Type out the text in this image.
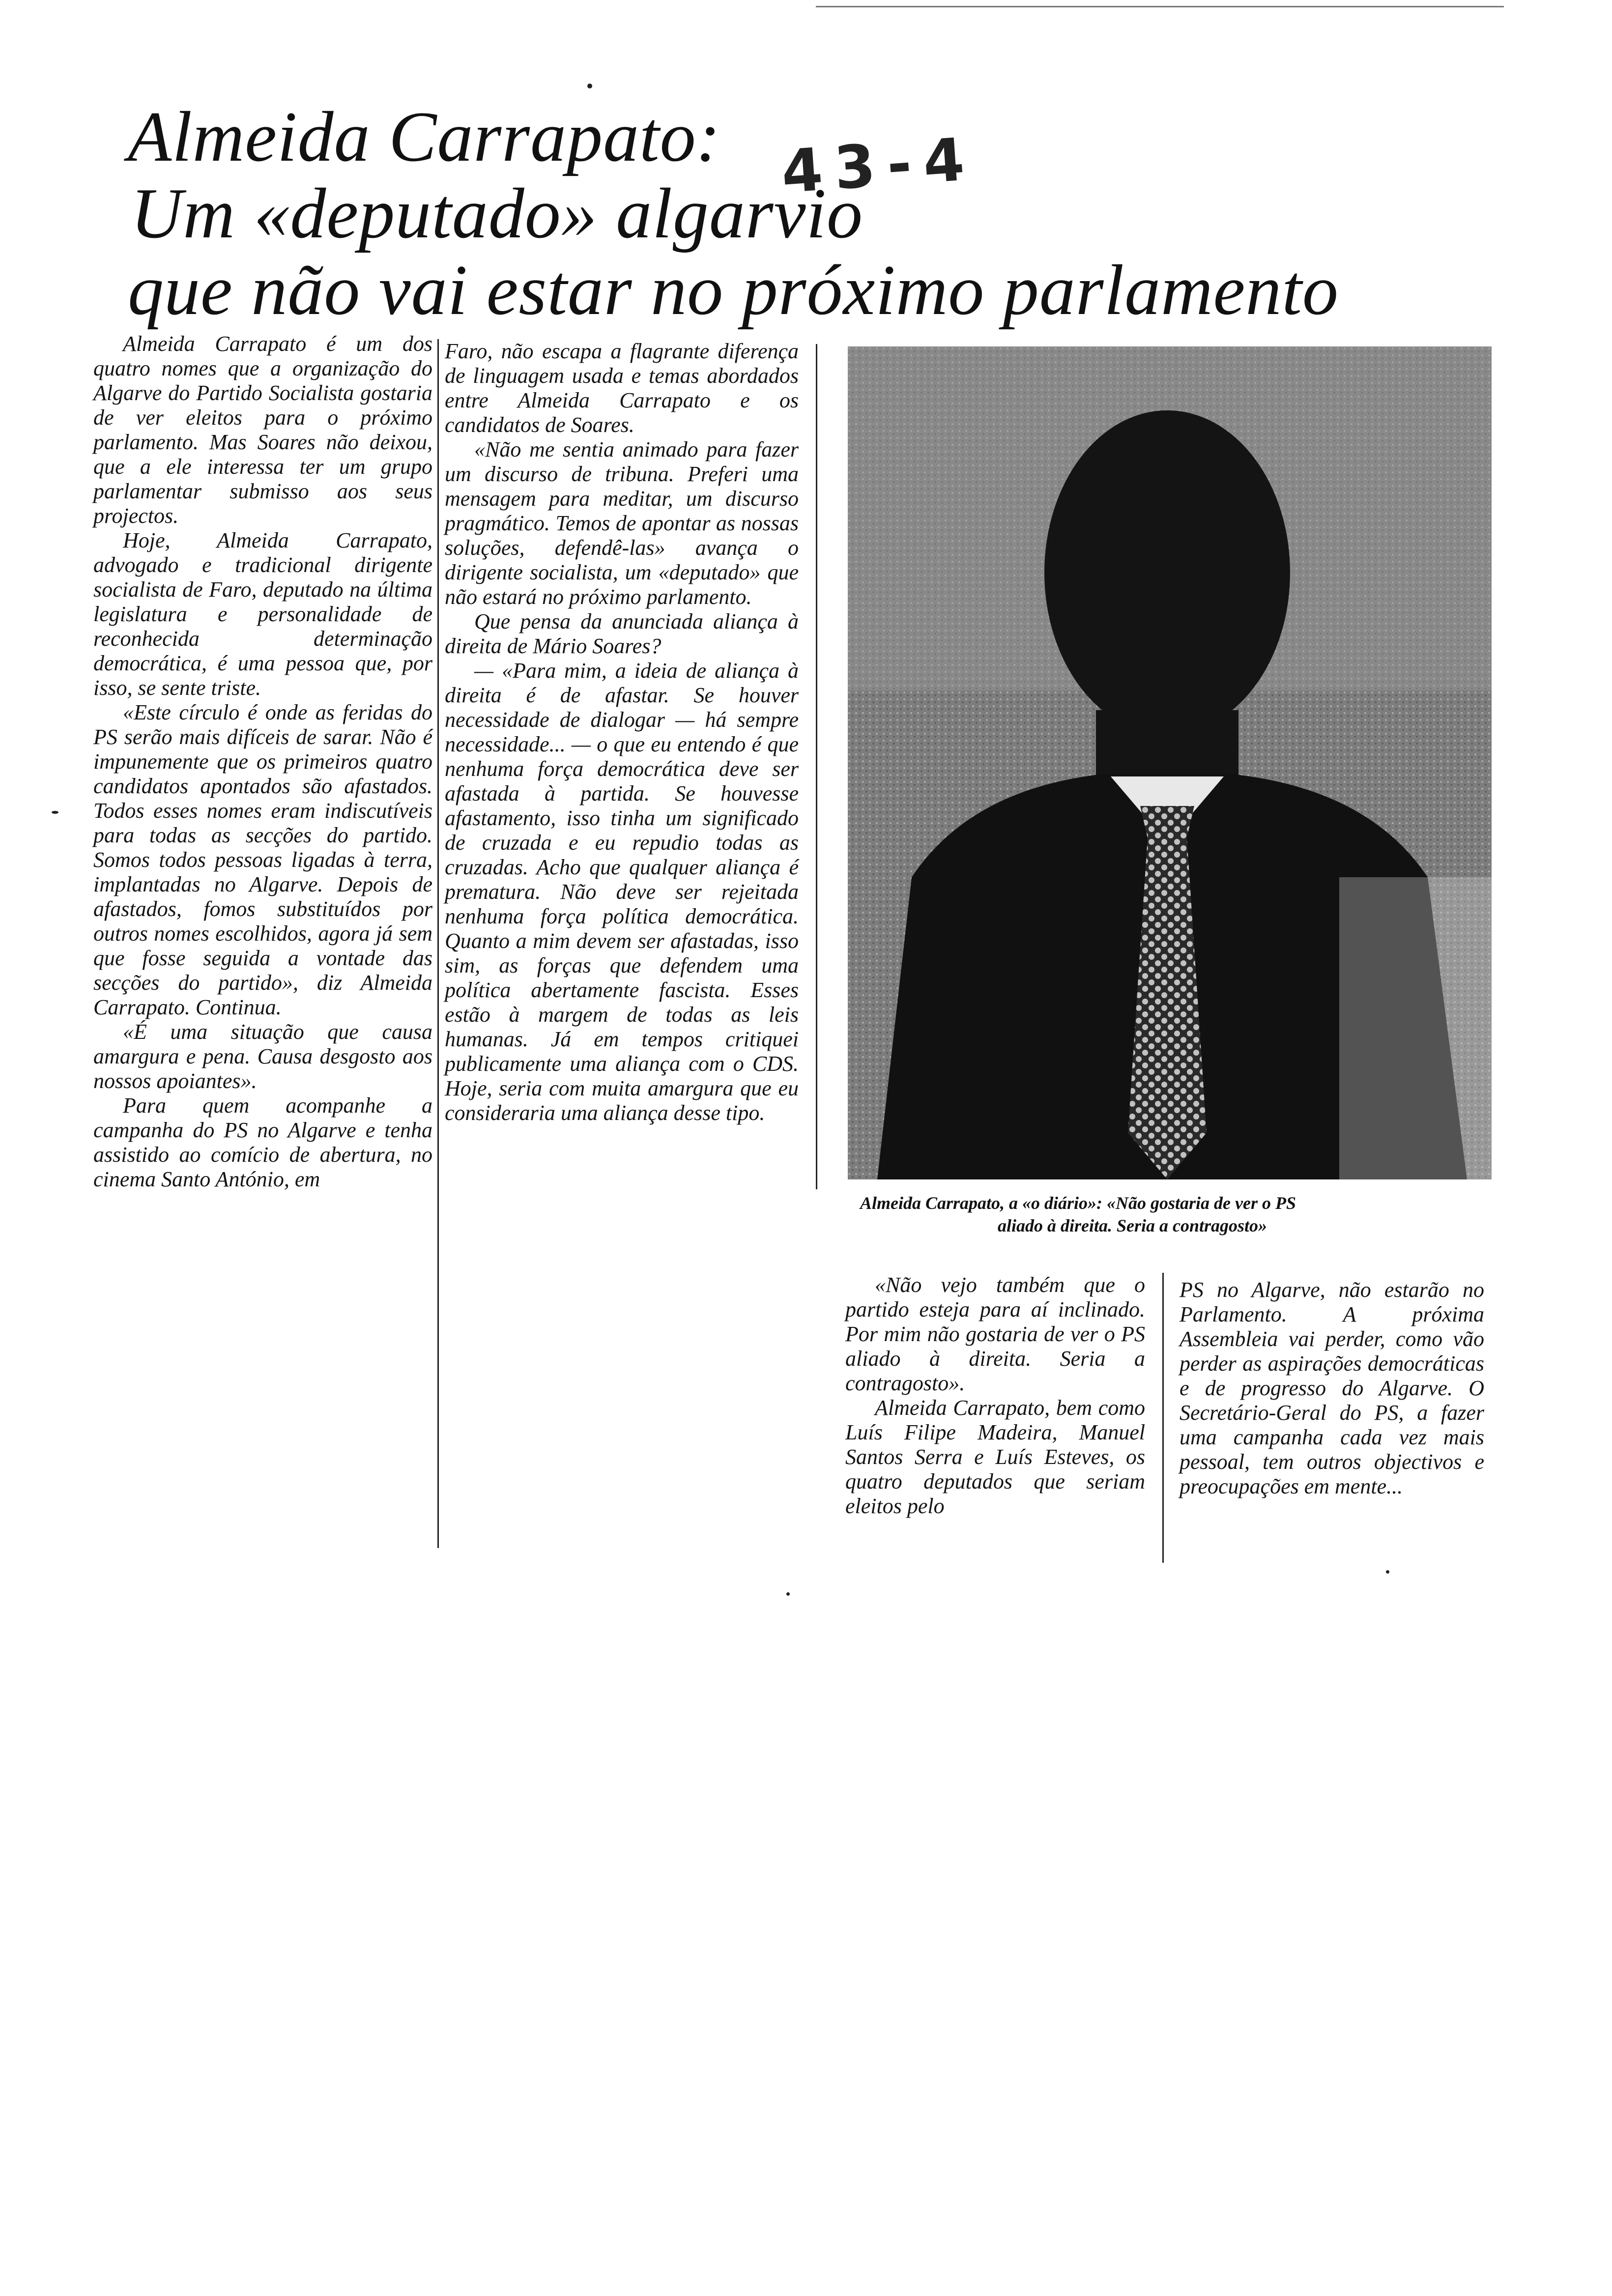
Almeida Carrapato:
Um «deputado» algarvio
que não vai estar no próximo parlamento
43-4

Almeida Carrapato é um dos quatro nomes que a organização do Algarve do Partido Socialista gostaria de ver eleitos para o próximo parlamento. Mas Soares não deixou, que a ele interessa ter um grupo parlamentar submisso aos seus projectos.

Hoje, Almeida Carrapato, advogado e tradicional dirigente socialista de Faro, deputado na última legislatura e personalidade de reconhecida determinação democrática, é uma pessoa que, por isso, se sente triste.

«Este círculo é onde as feridas do PS serão mais difíceis de sarar. Não é impunemente que os primeiros quatro candidatos apontados são afastados. Todos esses nomes eram indiscutíveis para todas as secções do partido. Somos todos pessoas ligadas à terra, implantadas no Algarve. Depois de afastados, fomos substituídos por outros nomes escolhidos, agora já sem que fosse seguida a vontade das secções do partido», diz Almeida Carrapato. Continua.

«É uma situação que causa amargura e pena. Causa desgosto aos nossos apoiantes».

Para quem acompanhe a campanha do PS no Algarve e tenha assistido ao comício de abertura, no cinema Santo António, em

Faro, não escapa a flagrante diferença de linguagem usada e temas abordados entre Almeida Carrapato e os candidatos de Soares.

«Não me sentia animado para fazer um discurso de tribuna. Preferi uma mensagem para meditar, um discurso pragmático. Temos de apontar as nossas soluções, defendê-las» avança o dirigente socialista, um «deputado» que não estará no próximo parlamento.

Que pensa da anunciada aliança à direita de Mário Soares?

— «Para mim, a ideia de aliança à direita é de afastar. Se houver necessidade de dialogar — há sempre necessidade... — o que eu entendo é que nenhuma força democrática deve ser afastada à partida. Se houvesse afastamento, isso tinha um significado de cruzada e eu repudio todas as cruzadas. Acho que qualquer aliança é prematura. Não deve ser rejeitada nenhuma força política democrática. Quanto a mim devem ser afastadas, isso sim, as forças que defendem uma política abertamente fascista. Esses estão à margem de todas as leis humanas. Já em tempos critiquei publicamente uma aliança com o CDS. Hoje, seria com muita amargura que eu consideraria uma aliança desse tipo.

Almeida Carrapato, a «o diário»: «Não gostaria de ver o PS
aliado à direita. Seria a contragosto»

«Não vejo também que o partido esteja para aí inclinado. Por mim não gostaria de ver o PS aliado à direita. Seria a contragosto».

Almeida Carrapato, bem como Luís Filipe Madeira, Manuel Santos Serra e Luís Esteves, os quatro deputados que seriam eleitos pelo

PS no Algarve, não estarão no Parlamento. A próxima Assembleia vai perder, como vão perder as aspirações democráticas e de progresso do Algarve. O Secretário-Geral do PS, a fazer uma campanha cada vez mais pessoal, tem outros objectivos e preocupações em mente...
